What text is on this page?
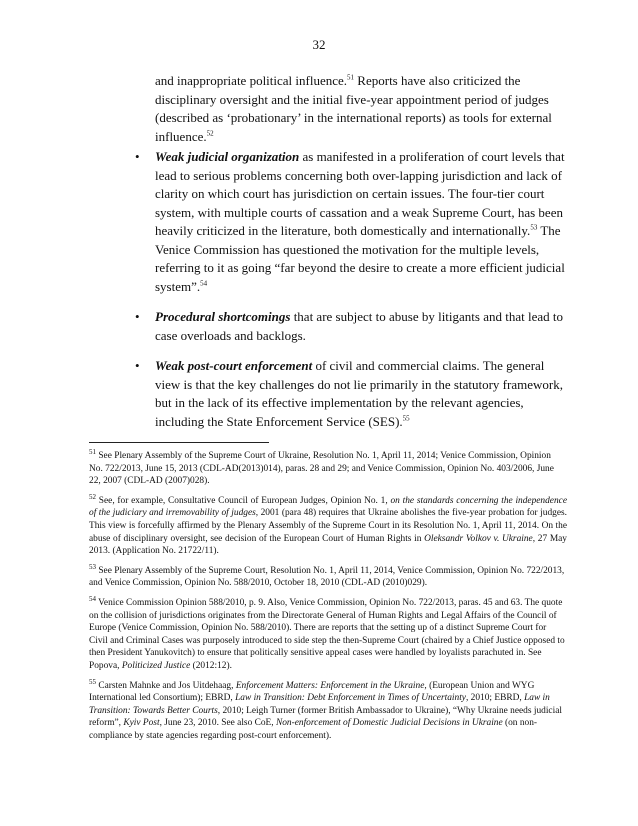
32
and inappropriate political influence.$^{51}$ Reports have also criticized the disciplinary oversight and the initial five-year appointment period of judges (described as ‘probationary’ in the international reports) as tools for external influence.$^{52}$
• Weak judicial organization as manifested in a proliferation of court levels that lead to serious problems concerning both over-lapping jurisdiction and lack of clarity on which court has jurisdiction on certain issues. The four-tier court system, with multiple courts of cassation and a weak Supreme Court, has been heavily criticized in the literature, both domestically and internationally.$^{53}$ The Venice Commission has questioned the motivation for the multiple levels, referring to it as going “far beyond the desire to create a more efficient judicial system”.$^{54}$
• Procedural shortcomings that are subject to abuse by litigants and that lead to case overloads and backlogs.
• Weak post-court enforcement of civil and commercial claims. The general view is that the key challenges do not lie primarily in the statutory framework, but in the lack of its effective implementation by the relevant agencies, including the State Enforcement Service (SES).$^{55}$

$^{51}$ See Plenary Assembly of the Supreme Court of Ukraine, Resolution No. 1, April 11, 2014; Venice Commission, Opinion No. 722/2013, June 15, 2013 (CDL-AD(2013)014), paras. 28 and 29; and Venice Commission, Opinion No. 403/2006, June 22, 2007 (CDL-AD (2007)028).

$^{52}$ See, for example, Consultative Council of European Judges, Opinion No. 1, on the standards concerning the independence of the judiciary and irremovability of judges, 2001 (para 48) requires that Ukraine abolishes the five-year probation for judges. This view is forcefully affirmed by the Plenary Assembly of the Supreme Court in its Resolution No. 1, April 11, 2014. On the abuse of disciplinary oversight, see decision of the European Court of Human Rights in Oleksandr Volkov v. Ukraine, 27 May 2013. (Application No. 21722/11).

$^{53}$ See Plenary Assembly of the Supreme Court, Resolution No. 1, April 11, 2014, Venice Commission, Opinion No. 722/2013, and Venice Commission, Opinion No. 588/2010, October 18, 2010 (CDL-AD (2010)029).

$^{54}$ Venice Commission Opinion 588/2010, p. 9. Also, Venice Commission, Opinion No. 722/2013, paras. 45 and 63. The quote on the collision of jurisdictions originates from the Directorate General of Human Rights and Legal Affairs of the Council of Europe (Venice Commission, Opinion No. 588/2010). There are reports that the setting up of a distinct Supreme Court for Civil and Criminal Cases was purposely introduced to side step the then-Supreme Court (chaired by a Chief Justice opposed to then President Yanukovitch) to ensure that politically sensitive appeal cases were handled by loyalists parachuted in. See Popova, Politicized Justice (2012:12).

$^{55}$ Carsten Mahnke and Jos Uitdehaag, Enforcement Matters: Enforcement in the Ukraine, (European Union and WYG International led Consortium); EBRD, Law in Transition: Debt Enforcement in Times of Uncertainty, 2010; EBRD, Law in Transition: Towards Better Courts, 2010; Leigh Turner (former British Ambassador to Ukraine), “Why Ukraine needs judicial reform”, Kyiv Post, June 23, 2010. See also CoE, Non-enforcement of Domestic Judicial Decisions in Ukraine (on non-compliance by state agencies regarding post-court enforcement).
